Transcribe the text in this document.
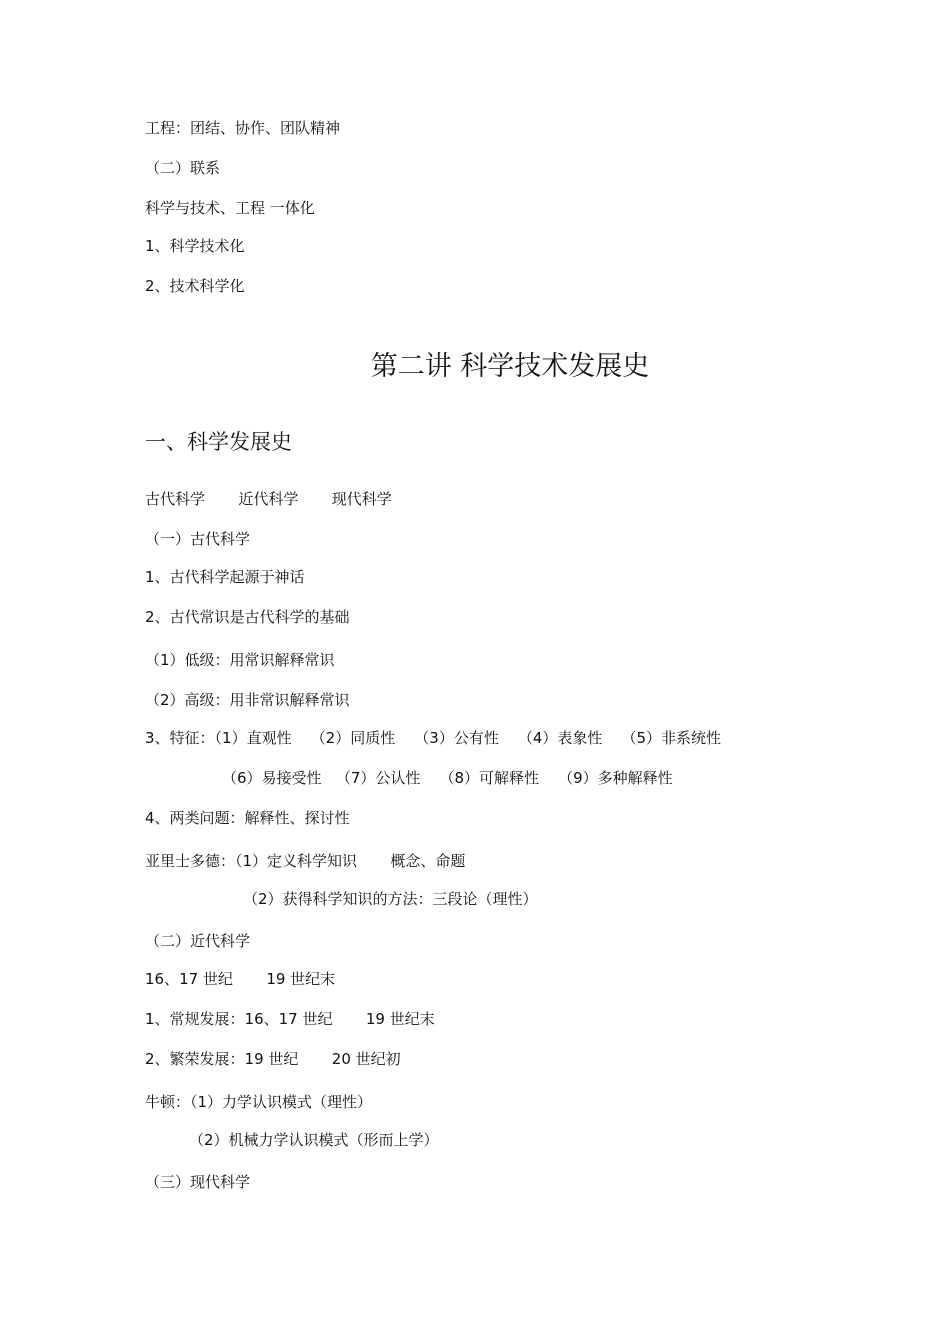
工程：团结、协作、团队精神
（二）联系
科学与技术、工程 一体化
1、科学技术化
2、技术科学化
第二讲 科学技术发展史
一、科学发展史
古代科学       近代科学       现代科学
（一）古代科学
1、古代科学起源于神话
2、古代常识是古代科学的基础
（1）低级：用常识解释常识
（2）高级：用非常识解释常识
3、特征：（1）直观性    （2）同质性    （3）公有性    （4）表象性    （5）非系统性
（6）易接受性   （7）公认性    （8）可解释性    （9）多种解释性
4、两类问题：解释性、探讨性
亚里士多德：（1）定义科学知识       概念、命题
（2）获得科学知识的方法：三段论（理性）
（二）近代科学
16、17 世纪       19 世纪末
1、常规发展：16、17 世纪       19 世纪末
2、繁荣发展：19 世纪       20 世纪初
牛顿：（1）力学认识模式（理性）
（2）机械力学认识模式（形而上学）
（三）现代科学
